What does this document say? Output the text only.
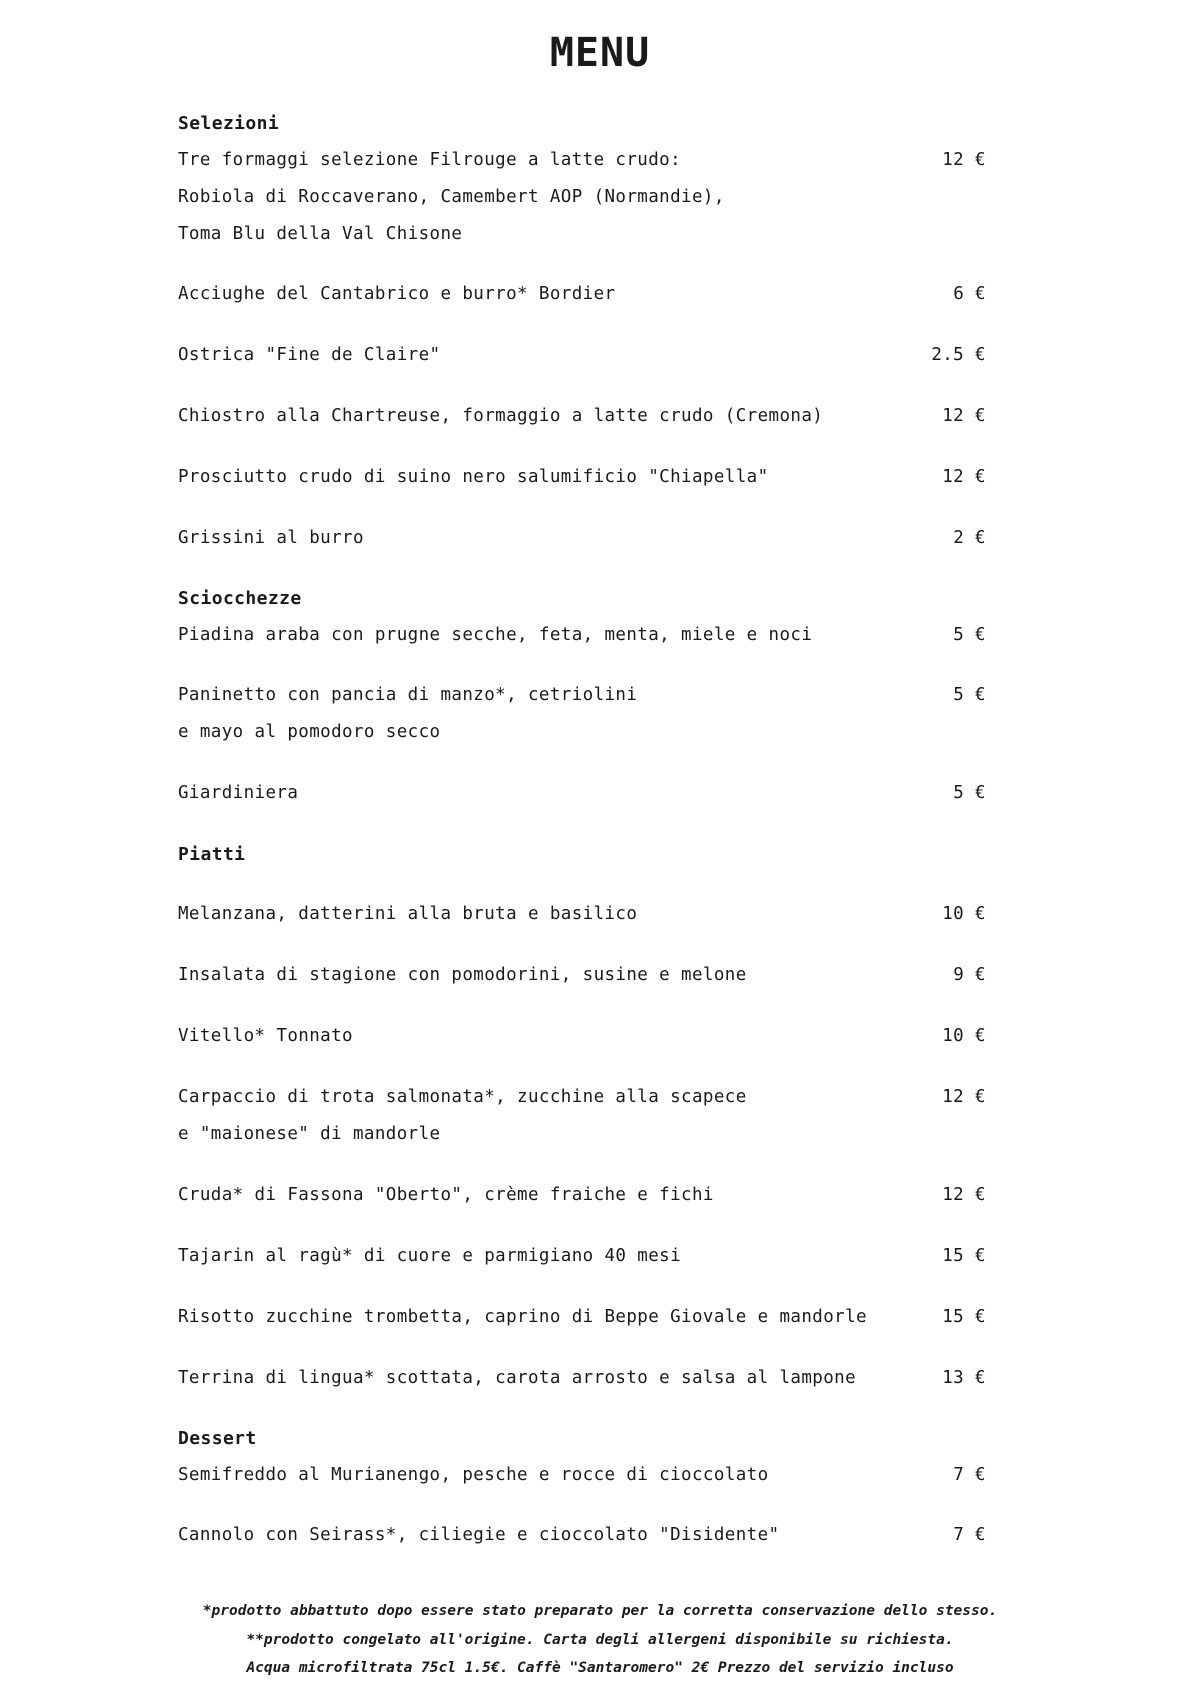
MENU
Selezioni
Tre formaggi selezione Filrouge a latte crudo:
Robiola di Roccaverano, Camembert AOP (Normandie),
Toma Blu della Val Chisone
12 €
Acciughe del Cantabrico e burro* Bordier	6 €
Ostrica "Fine de Claire"	2.5 €
Chiostro alla Chartreuse, formaggio a latte crudo (Cremona)	12 €
Prosciutto crudo di suino nero salumificio "Chiapella"	12 €
Grissini al burro	2 €
Sciocchezze
Piadina araba con prugne secche, feta, menta, miele e noci	5 €
Paninetto con pancia di manzo*, cetriolini
e mayo al pomodoro secco
5 €
Giardiniera	5 €
Piatti
Melanzana, datterini alla bruta e basilico	10 €
Insalata di stagione con pomodorini, susine e melone	9 €
Vitello* Tonnato	10 €
Carpaccio di trota salmonata*, zucchine alla scapece
e "maionese" di mandorle
12 €
Cruda* di Fassona "Oberto", crème fraiche e fichi	12 €
Tajarin al ragù* di cuore e parmigiano 40 mesi	15 €
Risotto zucchine trombetta, caprino di Beppe Giovale e mandorle	15 €
Terrina di lingua* scottata, carota arrosto e salsa al lampone	13 €
Dessert
Semifreddo al Murianengo, pesche e rocce di cioccolato	7 €
Cannolo con Seirass*, ciliegie e cioccolato "Disidente"	7 €
*prodotto abbattuto dopo essere stato preparato per la corretta conservazione dello stesso.
**prodotto congelato all'origine. Carta degli allergeni disponibile su richiesta.
Acqua microfiltrata 75cl 1.5€. Caffè "Santaromero" 2€ Prezzo del servizio incluso
